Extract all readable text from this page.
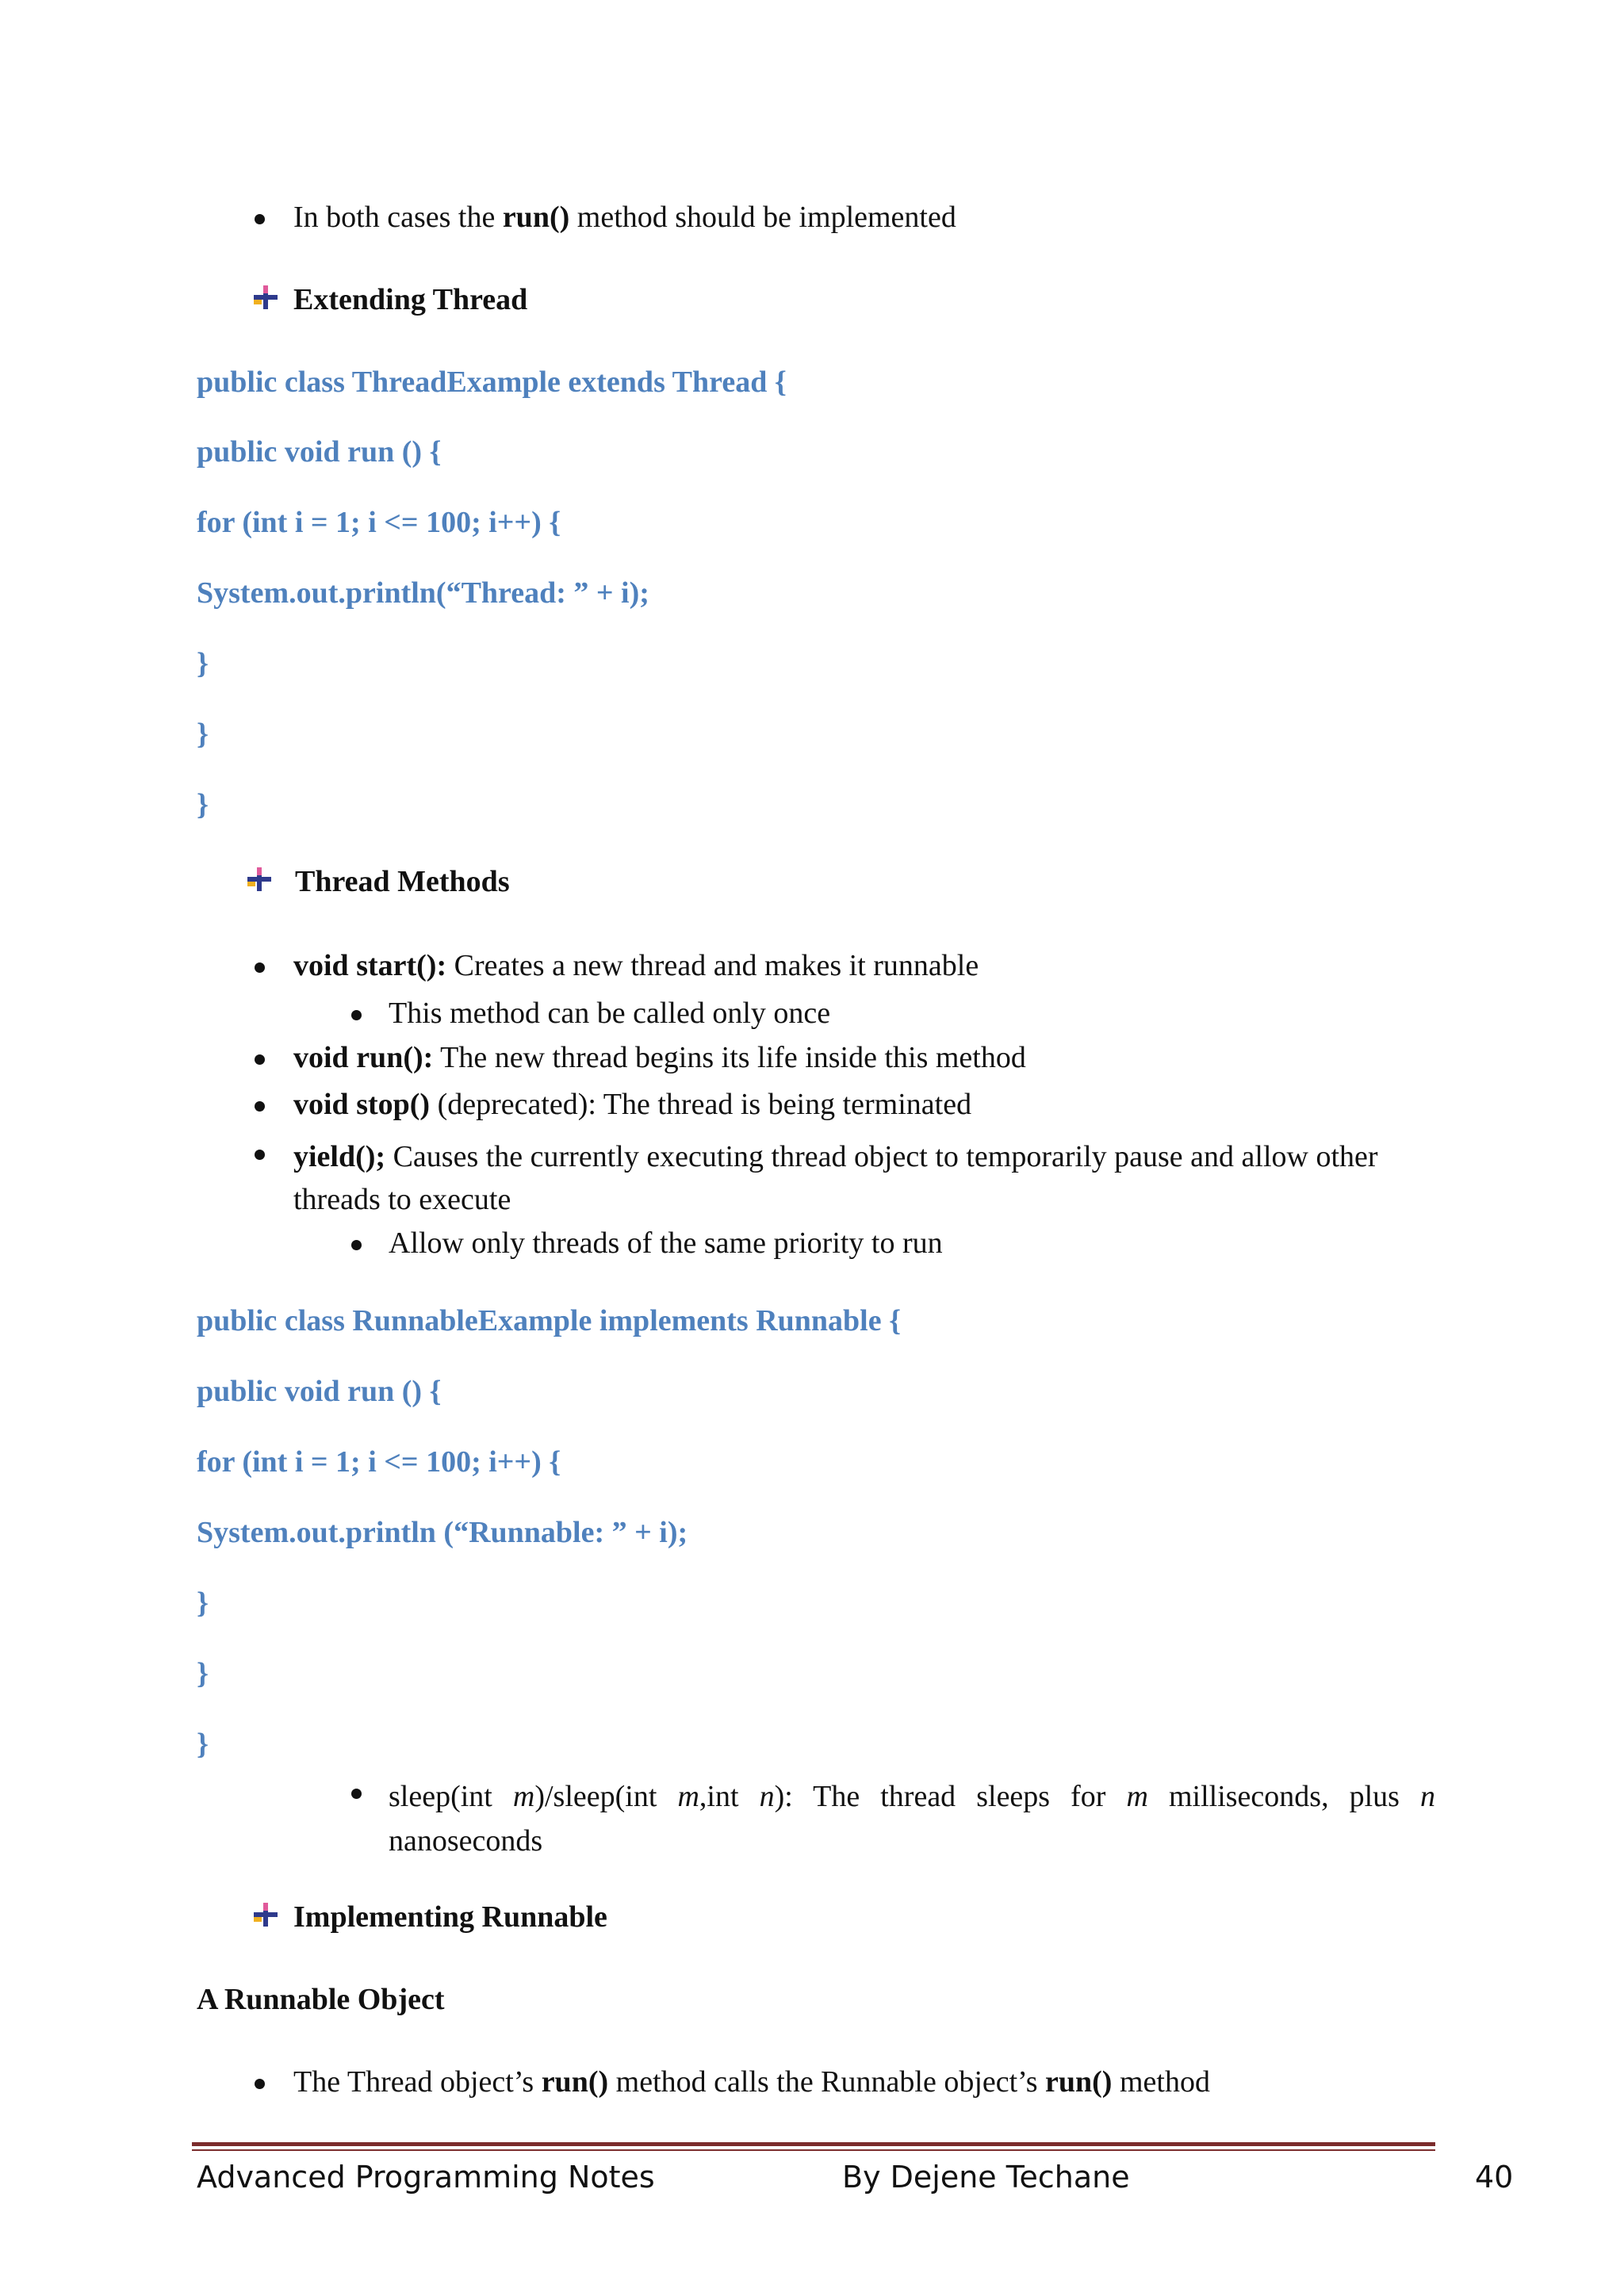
In both cases the run() method should be implemented
Extending Thread
public class ThreadExample extends Thread {
public void run () {
for (int i = 1; i <= 100; i++) {
System.out.println(“Thread: ” + i);
}
}
}
Thread Methods
void start(): Creates a new thread and makes it runnable
This method can be called only once
void run(): The new thread begins its life inside this method
void stop() (deprecated): The thread is being terminated
yield(); Causes the currently executing thread object to temporarily pause and allow other threads to execute
Allow only threads of the same priority to run
public class RunnableExample implements Runnable {
public void run () {
for (int i = 1; i <= 100; i++) {
System.out.println (“Runnable: ” + i);
}
}
}
sleep(int m)/sleep(int m,int n): The thread sleeps for m milliseconds, plus n nanoseconds
Implementing Runnable
A Runnable Object
The Thread object’s run() method calls the Runnable object’s run() method
Advanced Programming Notes	By Dejene Techane	40
